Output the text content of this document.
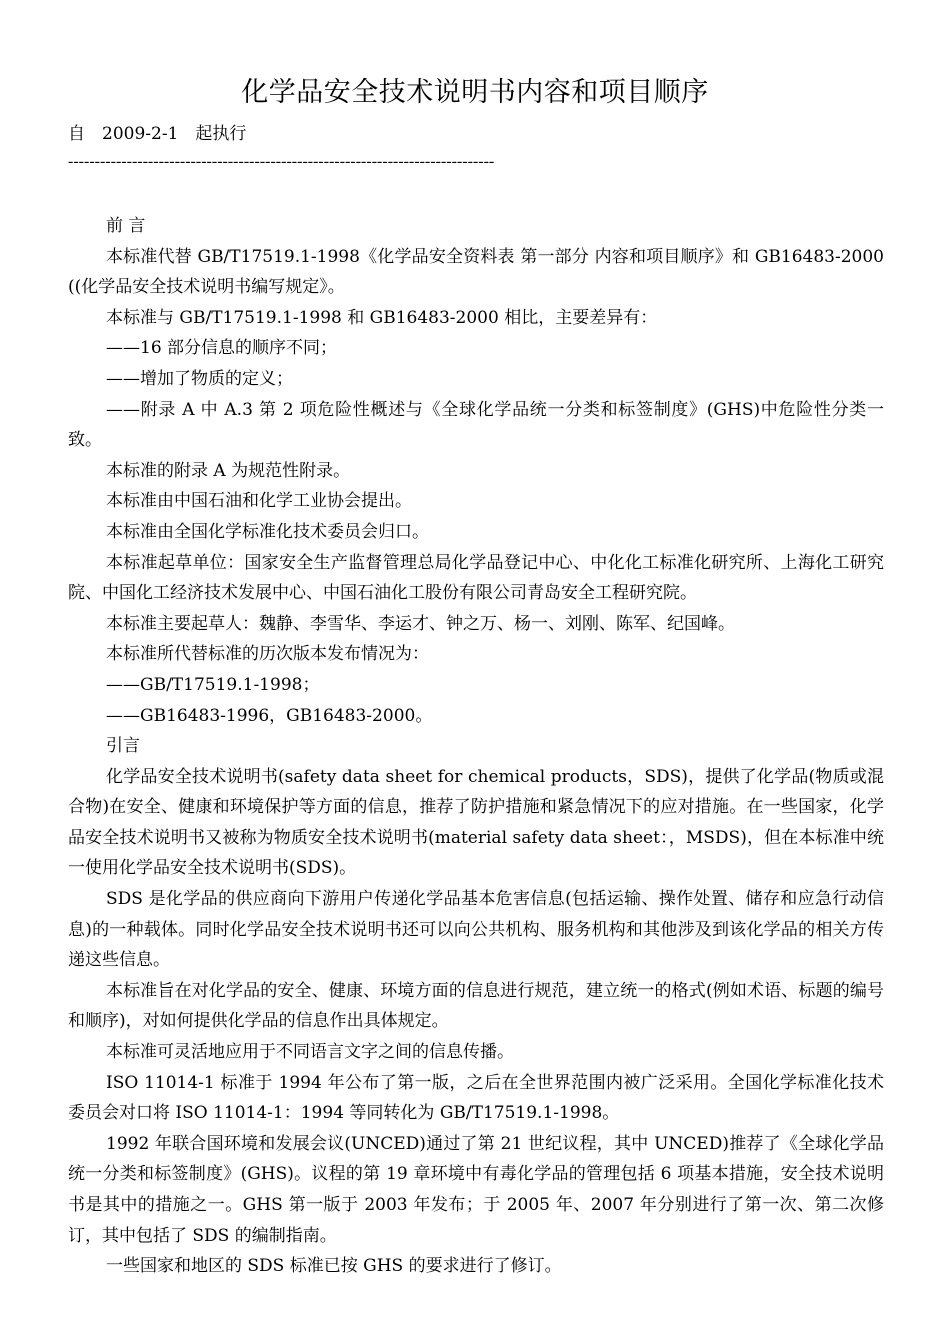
化学品安全技术说明书内容和项目顺序
自　2009-2-1　起执行
--------------------------------------------------------------------------------

前 言

本标准代替 GB/T17519.1-1998《化学品安全资料表 第一部分 内容和项目顺序》和 GB16483-2000((化学品安全技术说明书编写规定》。

本标准与 GB/T17519.1-1998 和 GB16483-2000 相比，主要差异有：

——16 部分信息的顺序不同；

——增加了物质的定义；

——附录 A 中 A.3 第 2 项危险性概述与《全球化学品统一分类和标签制度》(GHS)中危险性分类一致。

本标准的附录 A 为规范性附录。

本标准由中国石油和化学工业协会提出。

本标准由全国化学标准化技术委员会归口。

本标准起草单位：国家安全生产监督管理总局化学品登记中心、中化化工标准化研究所、上海化工研究院、中国化工经济技术发展中心、中国石油化工股份有限公司青岛安全工程研究院。

本标准主要起草人：魏静、李雪华、李运才、钟之万、杨一、刘刚、陈军、纪国峰。

本标准所代替标准的历次版本发布情况为：

——GB/T17519.1-1998；

——GB16483-1996，GB16483-2000。

引言

化学品安全技术说明书(safety data sheet for chemical products，SDS)，提供了化学品(物质或混合物)在安全、健康和环境保护等方面的信息，推荐了防护措施和紧急情况下的应对措施。在一些国家，化学品安全技术说明书又被称为物质安全技术说明书(material safety data sheet：，MSDS)，但在本标准中统一使用化学品安全技术说明书(SDS)。

SDS 是化学品的供应商向下游用户传递化学品基本危害信息(包括运输、操作处置、储存和应急行动信息)的一种载体。同时化学品安全技术说明书还可以向公共机构、服务机构和其他涉及到该化学品的相关方传递这些信息。

本标准旨在对化学品的安全、健康、环境方面的信息进行规范，建立统一的格式(例如术语、标题的编号和顺序)，对如何提供化学品的信息作出具体规定。

本标准可灵活地应用于不同语言文字之间的信息传播。

ISO 11014-1 标准于 1994 年公布了第一版，之后在全世界范围内被广泛采用。全国化学标准化技术委员会对口将 ISO 11014-1：1994 等同转化为 GB/T17519.1-1998。

1992 年联合国环境和发展会议(UNCED)通过了第 21 世纪议程，其中 UNCED)推荐了《全球化学品统一分类和标签制度》(GHS)。议程的第 19 章环境中有毒化学品的管理包括 6 项基本措施，安全技术说明书是其中的措施之一。GHS 第一版于 2003 年发布；于 2005 年、2007 年分别进行了第一次、第二次修订，其中包括了 SDS 的编制指南。

一些国家和地区的 SDS 标准已按 GHS 的要求进行了修订。
